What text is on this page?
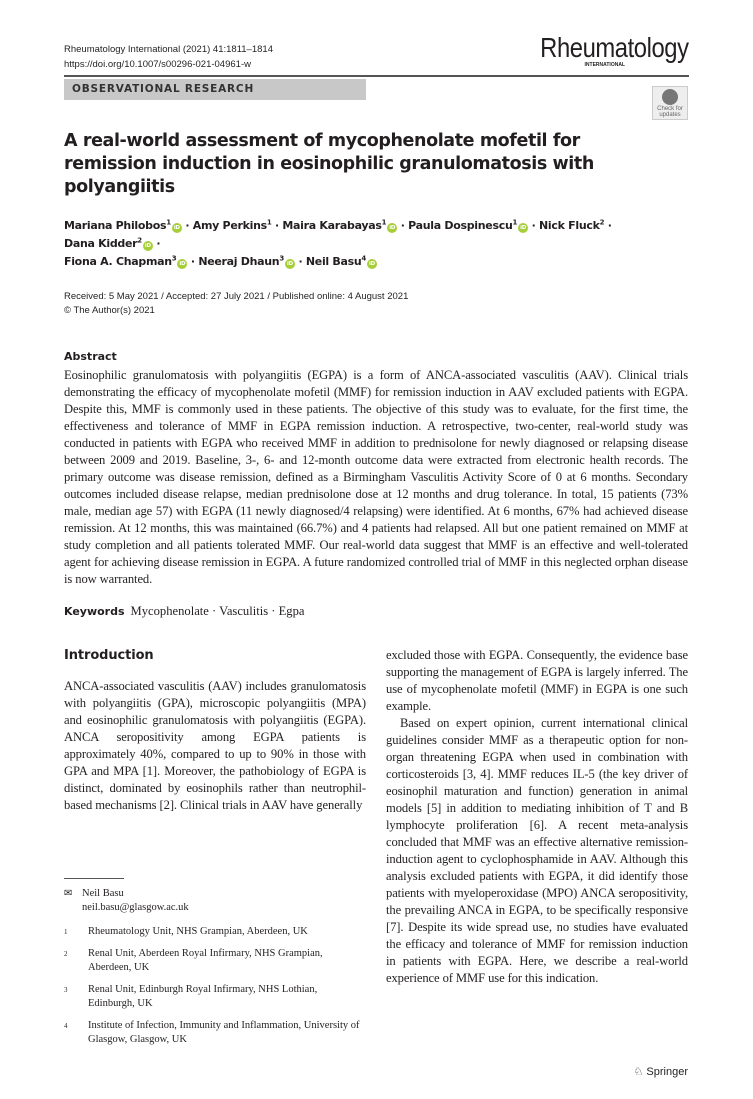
Rheumatology International (2021) 41:1811–1814
https://doi.org/10.1007/s00296-021-04961-w
Rheumatology
INTERNATIONAL
OBSERVATIONAL RESEARCH
Check for updates
A real-world assessment of mycophenolate mofetil for remission induction in eosinophilic granulomatosis with polyangiitis
Mariana Philobos$^1$iD · Amy Perkins$^1$ · Maira Karabayas$^1$iD · Paula Dospinescu$^1$iD · Nick Fluck$^2$ · Dana Kidder$^2$iD ·
Fiona A. Chapman$^3$iD · Neeraj Dhaun$^3$iD · Neil Basu$^4$iD
Received: 5 May 2021 / Accepted: 27 July 2021 / Published online: 4 August 2021
© The Author(s) 2021
Abstract

Eosinophilic granulomatosis with polyangiitis (EGPA) is a form of ANCA-associated vasculitis (AAV). Clinical trials demonstrating the efficacy of mycophenolate mofetil (MMF) for remission induction in AAV excluded patients with EGPA. Despite this, MMF is commonly used in these patients. The objective of this study was to evaluate, for the first time, the effectiveness and tolerance of MMF in EGPA remission induction. A retrospective, two-center, real-world study was conducted in patients with EGPA who received MMF in addition to prednisolone for newly diagnosed or relapsing disease between 2009 and 2019. Baseline, 3-, 6- and 12-month outcome data were extracted from electronic health records. The primary outcome was disease remission, defined as a Birmingham Vasculitis Activity Score of 0 at 6 months. Secondary outcomes included disease relapse, median prednisolone dose at 12 months and drug tolerance. In total, 15 patients (73% male, median age 57) with EGPA (11 newly diagnosed/4 relapsing) were identified. At 6 months, 67% had achieved disease remission. At 12 months, this was maintained (66.7%) and 4 patients had relapsed. All but one patient remained on MMF at study completion and all patients tolerated MMF. Our real-world data suggest that MMF is an effective and well-tolerated agent for achieving disease remission in EGPA. A future randomized controlled trial of MMF in this neglected orphan disease is now warranted.

Keywords Mycophenolate · Vasculitis · Egpa
Introduction

ANCA-associated vasculitis (AAV) includes granulomatosis with polyangiitis (GPA), microscopic polyangiitis (MPA) and eosinophilic granulomatosis with polyangiitis (EGPA). ANCA seropositivity among EGPA patients is approximately 40%, compared to up to 90% in those with GPA and MPA [1]. Moreover, the pathobiology of EGPA is distinct, dominated by eosinophils rather than neutrophil-based mechanisms [2]. Clinical trials in AAV have generally

✉ Neil Basu
neil.basu@glasgow.ac.uk
1	Rheumatology Unit, NHS Grampian, Aberdeen, UK
2	Renal Unit, Aberdeen Royal Infirmary, NHS Grampian, Aberdeen, UK
3	Renal Unit, Edinburgh Royal Infirmary, NHS Lothian, Edinburgh, UK
4	Institute of Infection, Immunity and Inflammation, University of Glasgow, Glasgow, UK

excluded those with EGPA. Consequently, the evidence base supporting the management of EGPA is largely inferred. The use of mycophenolate mofetil (MMF) in EGPA is one such example.

Based on expert opinion, current international clinical guidelines consider MMF as a therapeutic option for non-organ threatening EGPA when used in combination with corticosteroids [3, 4]. MMF reduces IL-5 (the key driver of eosinophil maturation and function) generation in animal models [5] in addition to mediating inhibition of T and B lymphocyte proliferation [6]. A recent meta-analysis concluded that MMF was an effective alternative remission-induction agent to cyclophosphamide in AAV. Although this analysis excluded patients with EGPA, it did identify those patients with myeloperoxidase (MPO) ANCA seropositivity, the prevailing ANCA in EGPA, to be specifically responsive [7]. Despite its wide spread use, no studies have evaluated the efficacy and tolerance of MMF for remission induction in patients with EGPA. Here, we describe a real-world experience of MMF use for this indication.

♘ Springer
